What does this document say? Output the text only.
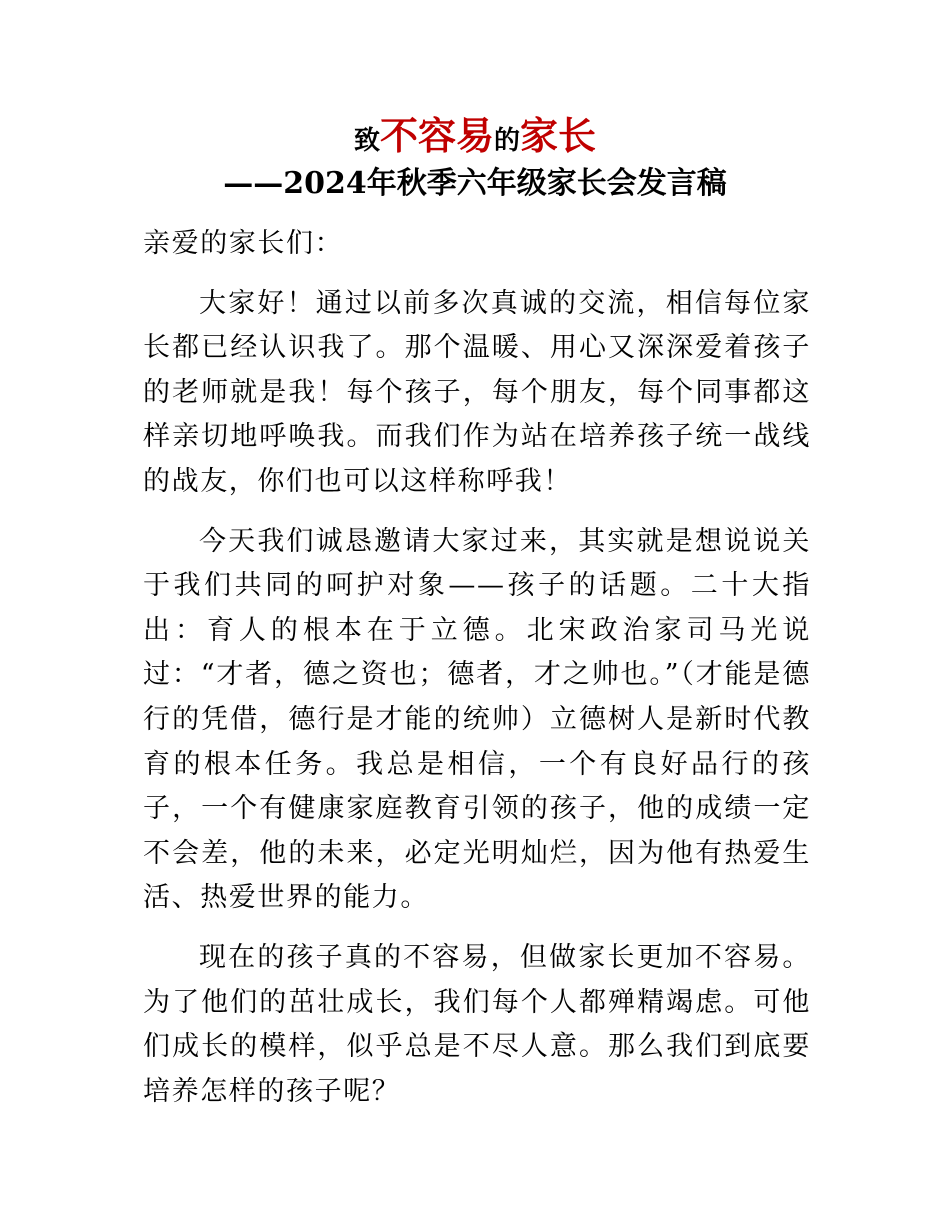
致不容易的家长
——2024年秋季六年级家长会发言稿

亲爱的家长们：

大家好！通过以前多次真诚的交流，相信每位家长都已经认识我了。那个温暖、用心又深深爱着孩子的老师就是我！每个孩子，每个朋友，每个同事都这样亲切地呼唤我。而我们作为站在培养孩子统一战线的战友，你们也可以这样称呼我！

今天我们诚恳邀请大家过来，其实就是想说说关于我们共同的呵护对象——孩子的话题。二十大指出：育人的根本在于立德。北宋政治家司马光说过：“才者，德之资也；德者，才之帅也。”（才能是德行的凭借，德行是才能的统帅）立德树人是新时代教育的根本任务。我总是相信，一个有良好品行的孩子，一个有健康家庭教育引领的孩子，他的成绩一定不会差，他的未来，必定光明灿烂，因为他有热爱生活、热爱世界的能力。

现在的孩子真的不容易，但做家长更加不容易。为了他们的茁壮成长，我们每个人都殚精竭虑。可他们成长的模样，似乎总是不尽人意。那么我们到底要培养怎样的孩子呢？
